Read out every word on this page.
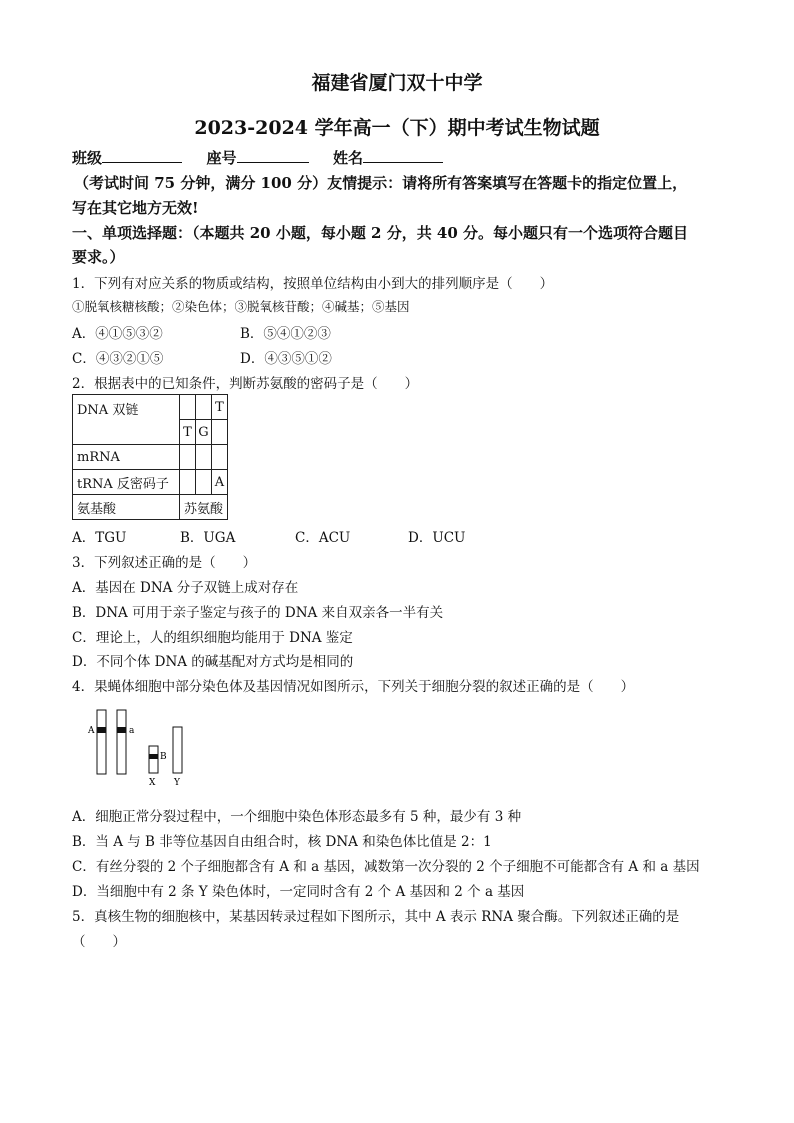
福建省厦门双十中学
2023-2024 学年高一（下）期中考试生物试题
班级	座号	姓名
（考试时间 75 分钟，满分 100 分）友情提示：请将所有答案填写在答题卡的指定位置上，
写在其它地方无效!
一、单项选择题：（本题共 20 小题，每小题 2 分，共 40 分。每小题只有一个选项符合题目
要求。）
1．下列有对应关系的物质或结构，按照单位结构由小到大的排列顺序是（　　）
①脱氧核糖核酸；②染色体；③脱氧核苷酸；④碱基；⑤基因
A．④①⑤③②	B．⑤④①②③
C．④③②①⑤	D．④③⑤①②
2．根据表中的已知条件，判断苏氨酸的密码子是（　　）
DNA 双链			T
	T	G	
mRNA			
tRNA 反密码子			A
氨基酸	苏氨酸		
A．TGU	B．UGA	C．ACU	D．UCU
3．下列叙述正确的是（　　）
A．基因在 DNA 分子双链上成对存在
B．DNA 可用于亲子鉴定与孩子的 DNA 来自双亲各一半有关
C．理论上，人的组织细胞均能用于 DNA 鉴定
D．不同个体 DNA 的碱基配对方式均是相同的
4．果蝇体细胞中部分染色体及基因情况如图所示，下列关于细胞分裂的叙述正确的是（　　）
A	a
B
X Y
A．细胞正常分裂过程中，一个细胞中染色体形态最多有 5 种，最少有 3 种
B．当 A 与 B 非等位基因自由组合时，核 DNA 和染色体比值是 2：1
C．有丝分裂的 2 个子细胞都含有 A 和 a 基因，减数第一次分裂的 2 个子细胞不可能都含有 A 和 a 基因
D．当细胞中有 2 条 Y 染色体时，一定同时含有 2 个 A 基因和 2 个 a 基因
5．真核生物的细胞核中，某基因转录过程如下图所示，其中 A 表示 RNA 聚合酶。下列叙述正确的是
（　　）
